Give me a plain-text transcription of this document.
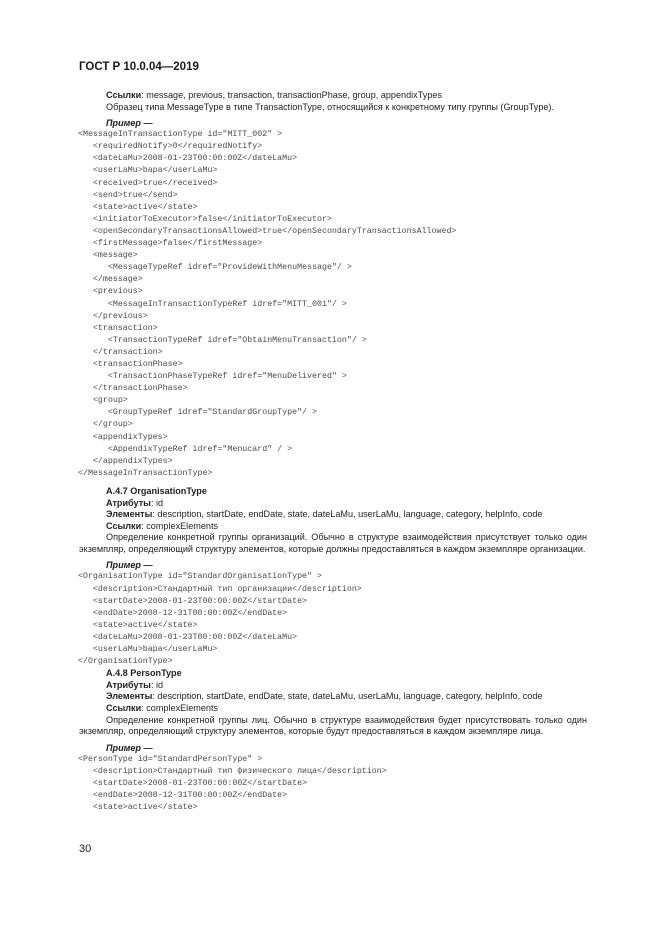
ГОСТ Р 10.0.04—2019
Ссылки: message, previous, transaction, transactionPhase, group, appendixTypes
Образец типа MessageType в типе TransactionType, относящийся к конкретному типу группы (GroupType).
Пример —
<MessageInTransactionType id="MITT_002" >
<requiredNotify>0</requiredNotify>
<dateLaMu>2008-01-23T00:00:00Z</dateLaMu>
<userLaMu>bapa</userLaMu>
<received>true</received>
<send>true</send>
<state>active</state>
<initiatorToExecutor>false</initiatorToExecutor>
<openSecondaryTransactionsAllowed>true</openSecondaryTransactionsAllowed>
<firstMessage>false</firstMessage>
<message>
<MessageTypeRef idref="ProvideWithMenuMessage"/ >
</message>
<previous>
<MessageInTransactionTypeRef idref="MITT_001"/ >
</previous>
<transaction>
<TransactionTypeRef idref="ObtainMenuTransaction"/ >
</transaction>
<transactionPhase>
<TransactionPhaseTypeRef idref="MenuDelivered" >
</transactionPhase>
<group>
<GroupTypeRef idref="StandardGroupType"/ >
</group>
<appendixTypes>
<AppendixTypeRef idref="Menucard" / >
</appendixTypes>
</MessageInTransactionType>
А.4.7 OrganisationType
Атрибуты: id
Элементы: description, startDate, endDate, state, dateLaMu, userLaMu, language, category, helpInfo, code
Ссылки: complexElements
Определение конкретной группы организаций. Обычно в структуре взаимодействия присутствует только один экземпляр, определяющий структуру элементов, которые должны предоставляться в каждом экземпляре организации.
Пример —
<OrganisationType id="StandardOrganisationType" >
<description>Стандартный тип организации</description>
<startDate>2008-01-23T00:00:00Z</startDate>
<endDate>2008-12-31T00:00:00Z</endDate>
<state>active</state>
<dateLaMu>2008-01-23T00:00:00Z</dateLaMu>
<userLaMu>bapa</userLaMu>
</OrganisationType>
А.4.8 PersonType
Атрибуты: id
Элементы: description, startDate, endDate, state, dateLaMu, userLaMu, language, category, helpInfo, code
Ссылки: complexElements
Определение конкретной группы лиц. Обычно в структуре взаимодействия будет присутствовать только один экземпляр, определяющий структуру элементов, которые будут предоставляться в каждом экземпляре лица.
Пример —
<PersonType id="StandardPersonType" >
<description>Стандартный тип физического лица</description>
<startDate>2008-01-23T00:00:00Z</startDate>
<endDate>2008-12-31T00:00:00Z</endDate>
<state>active</state>
30
